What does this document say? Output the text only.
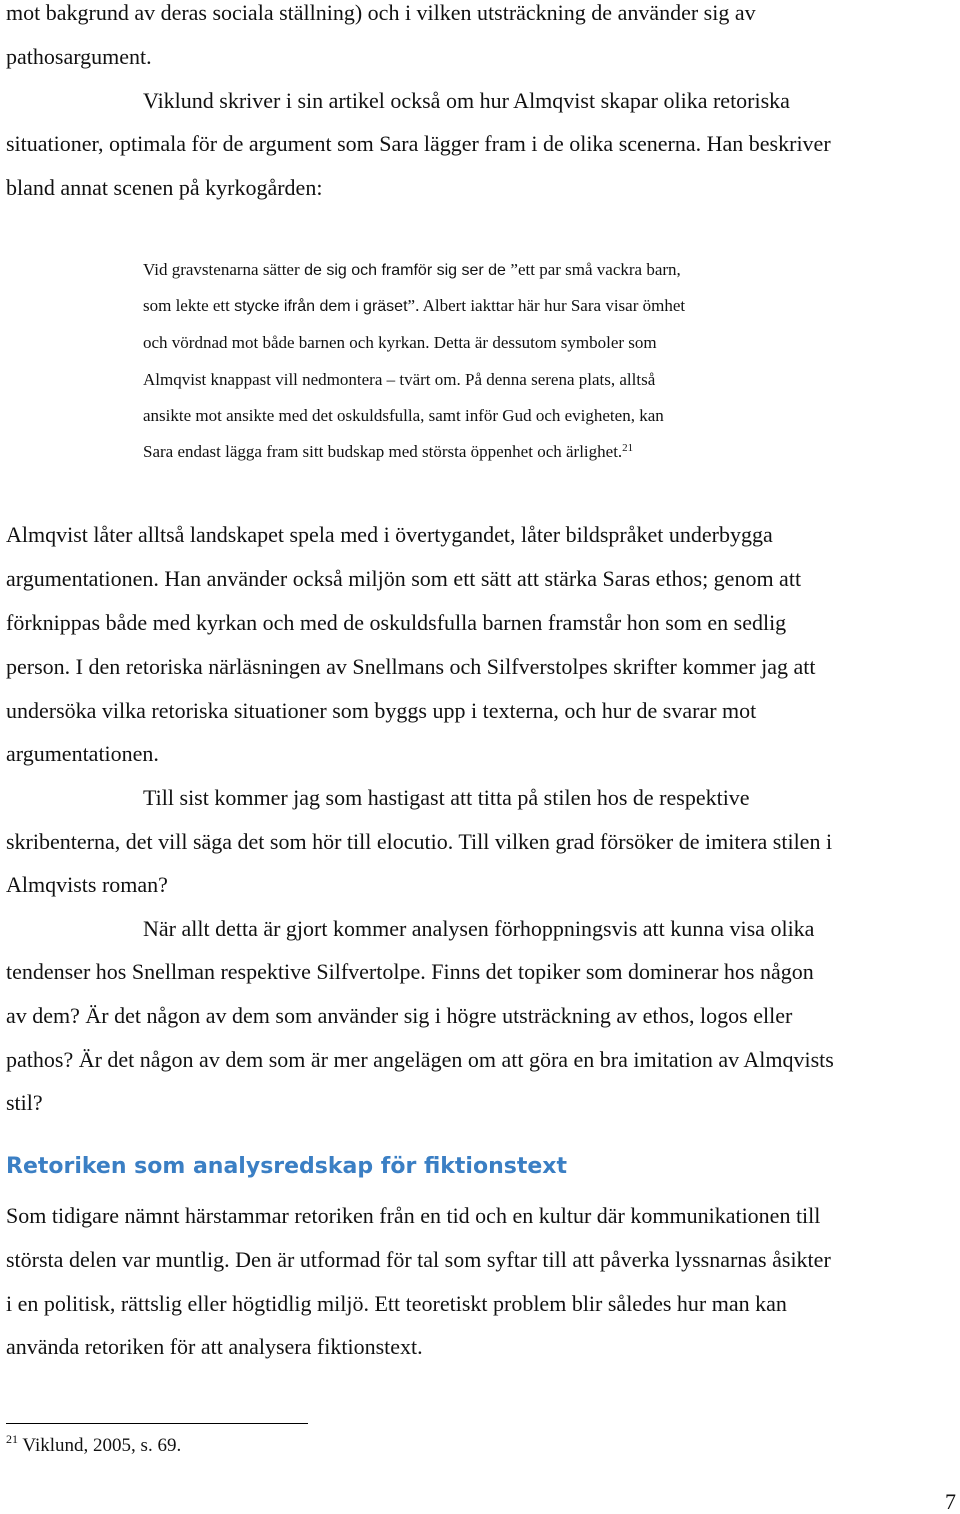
mot bakgrund av deras sociala ställning) och i vilken utsträckning de använder sig av
pathosargument.
Viklund skriver i sin artikel också om hur Almqvist skapar olika retoriska
situationer, optimala för de argument som Sara lägger fram i de olika scenerna. Han beskriver
bland annat scenen på kyrkogården:
Vid gravstenarna sätter de sig och framför sig ser de ”ett par små vackra barn,
som lekte ett stycke ifrån dem i gräset”. Albert iakttar här hur Sara visar ömhet
och vördnad mot både barnen och kyrkan. Detta är dessutom symboler som
Almqvist knappast vill nedmontera – tvärt om. På denna serena plats, alltså
ansikte mot ansikte med det oskuldsfulla, samt inför Gud och evigheten, kan
Sara endast lägga fram sitt budskap med största öppenhet och ärlighet.$^{21}$
Almqvist låter alltså landskapet spela med i övertygandet, låter bildspråket underbygga
argumentationen. Han använder också miljön som ett sätt att stärka Saras ethos; genom att
förknippas både med kyrkan och med de oskuldsfulla barnen framstår hon som en sedlig
person. I den retoriska närläsningen av Snellmans och Silfverstolpes skrifter kommer jag att
undersöka vilka retoriska situationer som byggs upp i texterna, och hur de svarar mot
argumentationen.
Till sist kommer jag som hastigast att titta på stilen hos de respektive
skribenterna, det vill säga det som hör till elocutio. Till vilken grad försöker de imitera stilen i
Almqvists roman?
När allt detta är gjort kommer analysen förhoppningsvis att kunna visa olika
tendenser hos Snellman respektive Silfvertolpe. Finns det topiker som dominerar hos någon
av dem? Är det någon av dem som använder sig i högre utsträckning av ethos, logos eller
pathos? Är det någon av dem som är mer angelägen om att göra en bra imitation av Almqvists
stil?
Retoriken som analysredskap för fiktionstext
Som tidigare nämnt härstammar retoriken från en tid och en kultur där kommunikationen till
största delen var muntlig. Den är utformad för tal som syftar till att påverka lyssnarnas åsikter
i en politisk, rättslig eller högtidlig miljö. Ett teoretiskt problem blir således hur man kan
använda retoriken för att analysera fiktionstext.
$^{21}$ Viklund, 2005, s. 69.
7
